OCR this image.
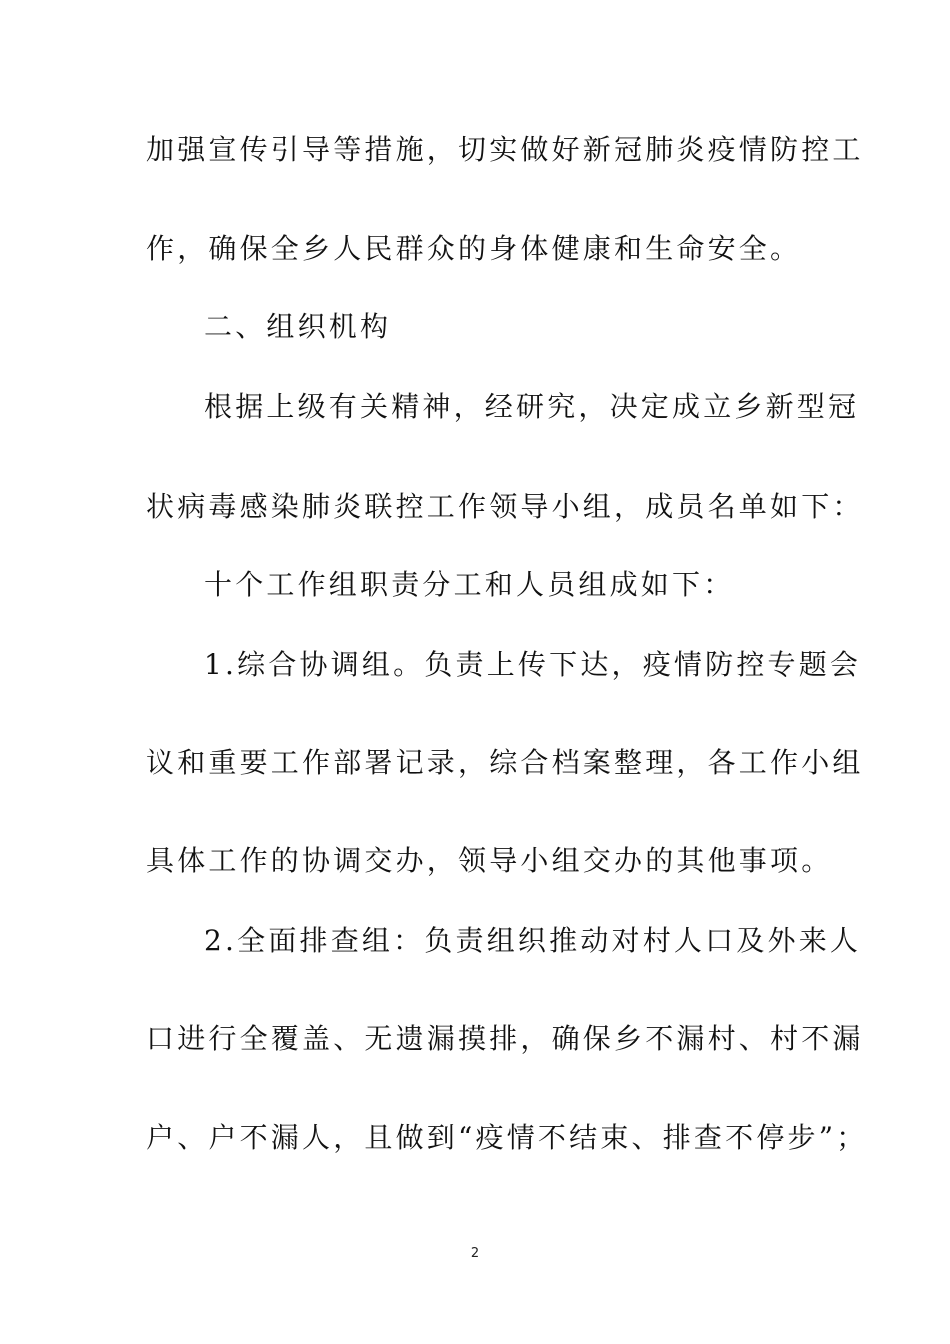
加强宣传引导等措施，切实做好新冠肺炎疫情防控工
作，确保全乡人民群众的身体健康和生命安全。
二、组织机构
根据上级有关精神，经研究，决定成立乡新型冠
状病毒感染肺炎联控工作领导小组，成员名单如下：
十个工作组职责分工和人员组成如下：
1.综合协调组。负责上传下达，疫情防控专题会
议和重要工作部署记录，综合档案整理，各工作小组
具体工作的协调交办，领导小组交办的其他事项。
2.全面排查组：负责组织推动对村人口及外来人
口进行全覆盖、无遗漏摸排，确保乡不漏村、村不漏
户、户不漏人，且做到“疫情不结束、排查不停步”；
2
